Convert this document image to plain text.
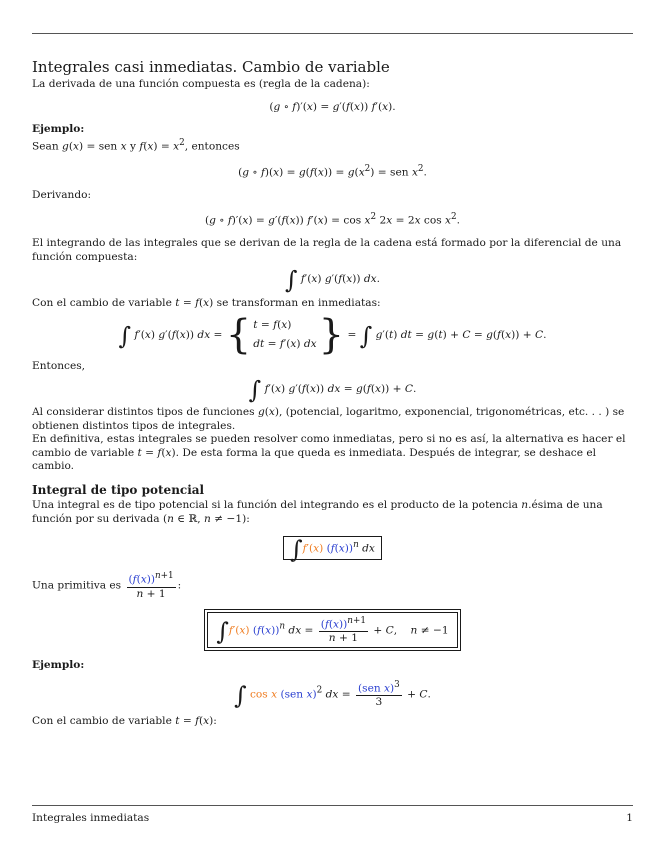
Integrales casi inmediatas. Cambio de variable

La derivada de una función compuesta es (regla de la cadena):

(g ∘ f)′(x) = g′(f(x)) f′(x).

Ejemplo:

Sean g(x) = sen x y $f(x) = x^2$, entonces

(g ∘ $f)(x) = g(f(x)) = g(x^2)$ = sen $x^2$.

Derivando:

(g ∘ f)′(x) = g′(f(x)) $f'(x) = \cos x^2$ 2x = 2x $\cos x^2$.

El integrando de las integrales que se derivan de la regla de la cadena está formado por la diferencial de una función compuesta:

∫ f′(x) g′(f(x)) dx.

Con el cambio de variable t = f(x) se transforman en inmediatas:

∫ f′(x) g′(f(x)) dx = { t = f(x)
dt = f′(x) dx} = ∫ g′(t) dt = g(t) + C = g(f(x)) + C.

Entonces,

∫ f′(x) g′(f(x)) dx = g(f(x)) + C.

Al considerar distintos tipos de funciones g(x), (potencial, logaritmo, exponencial, trigonométricas, etc. . . ) se obtienen distintos tipos de integrales.

En definitiva, estas integrales se pueden resolver como inmediatas, pero si no es así, la alternativa es hacer el cambio de variable t = f(x). De esta forma la que queda es inmediata. Después de integrar, se deshace el cambio.

Integral de tipo potencial

Una integral es de tipo potencial si la función del integrando es el producto de la potencia n.ésima de una función por su derivada (n ∈ ℝ, n ≠ −1):

∫f′(x) $(f(x))^n$ dx

Una primitiva es $\frac{(f(x))^{n+1}}{n + 1}$ :

∫f′(x) $(f(x))^n$ dx = $\frac{(f(x))^{n+1}}{n + 1} + C$,    n ≠ −1

Ejemplo:

∫ cos x (sen x)$^2$ dx = $\frac{(sen x)^3}{3} + C$.

Con el cambio de variable t = f(x):

Integrales inmediatas	1
